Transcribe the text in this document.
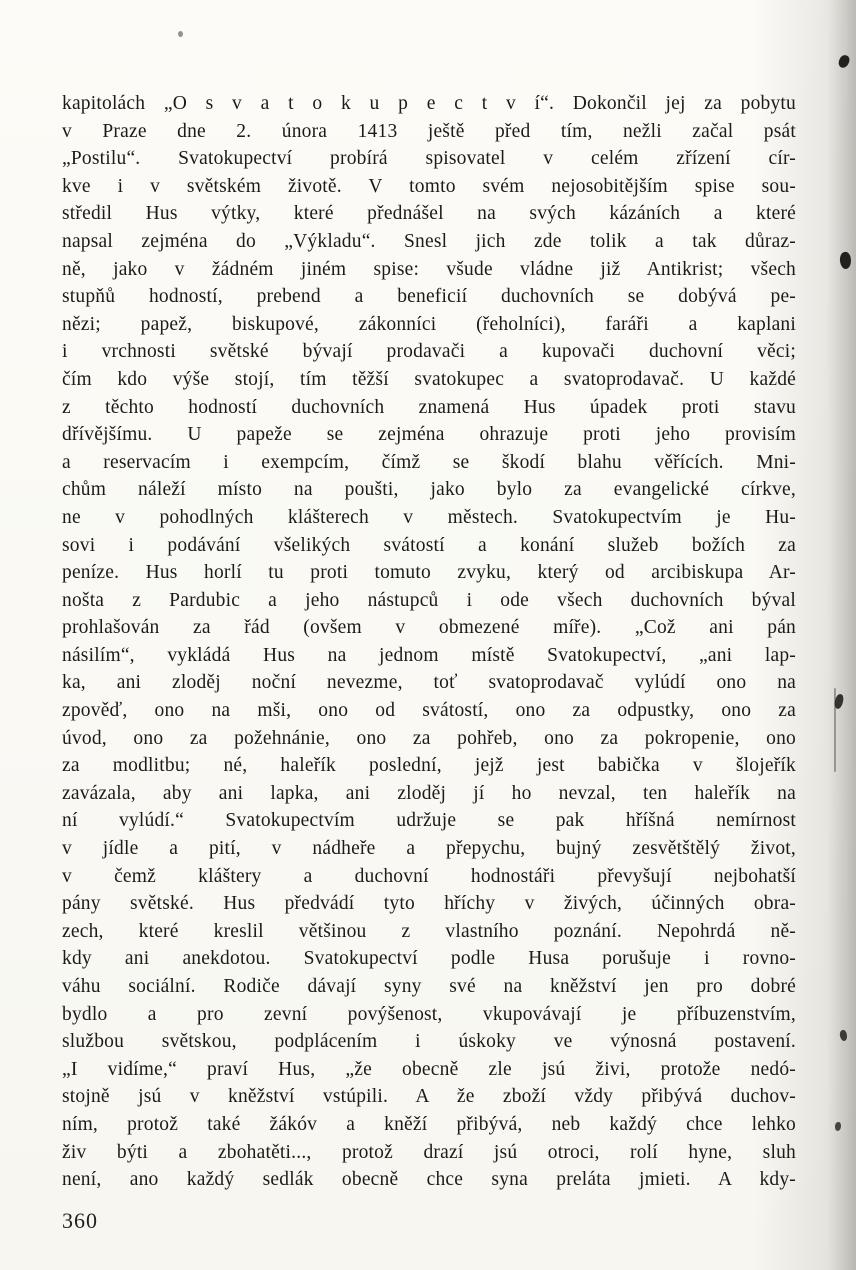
kapitolách „O s v a t o k u p e c t v í“. Dokončil jej za pobytu
v Praze dne 2. února 1413 ještě před tím, nežli začal psát
„Postilu“. Svatokupectví probírá spisovatel v celém zřízení cír-
kve i v světském životě. V tomto svém nejosobitějším spise sou-
středil Hus výtky, které přednášel na svých kázáních a které
napsal zejména do „Výkladu“. Snesl jich zde tolik a tak důraz-
ně, jako v žádném jiném spise: všude vládne již Antikrist; všech
stupňů hodností, prebend a beneficií duchovních se dobývá pe-
nězi; papež, biskupové, zákonníci (řeholníci), faráři a kaplani
i vrchnosti světské bývají prodavači a kupovači duchovní věci;
čím kdo výše stojí, tím těžší svatokupec a svatoprodavač. U každé
z těchto hodností duchovních znamená Hus úpadek proti stavu
dřívějšímu. U papeže se zejména ohrazuje proti jeho provisím
a reservacím i exempcím, čímž se škodí blahu věřících. Mni-
chům náleží místo na poušti, jako bylo za evangelické církve,
ne v pohodlných klášterech v městech. Svatokupectvím je Hu-
sovi i podávání všelikých svátostí a konání služeb božích za
peníze. Hus horlí tu proti tomuto zvyku, který od arcibiskupa Ar-
nošta z Pardubic a jeho nástupců i ode všech duchovních býval
prohlašován za řád (ovšem v obmezené míře). „Což ani pán
násilím“, vykládá Hus na jednom místě Svatokupectví, „ani lap-
ka, ani zloděj noční nevezme, toť svatoprodavač vylúdí ono na
zpověď, ono na mši, ono od svátostí, ono za odpustky, ono za
úvod, ono za požehnánie, ono za pohřeb, ono za pokropenie, ono
za modlitbu; né, haleřík poslední, jejž jest babička v šlojeřík
zavázala, aby ani lapka, ani zloděj jí ho nevzal, ten haleřík na
ní vylúdí.“ Svatokupectvím udržuje se pak hříšná nemírnost
v jídle a pití, v nádheře a přepychu, bujný zesvětštělý život,
v čemž kláštery a duchovní hodnostáři převyšují nejbohatší
pány světské. Hus předvádí tyto hříchy v živých, účinných obra-
zech, které kreslil většinou z vlastního poznání. Nepohrdá ně-
kdy ani anekdotou. Svatokupectví podle Husa porušuje i rovno-
váhu sociální. Rodiče dávají syny své na kněžství jen pro dobré
bydlo a pro zevní povýšenost, vkupovávají je příbuzenstvím,
službou světskou, podplácením i úskoky ve výnosná postavení.
„I vidíme,“ praví Hus, „že obecně zle jsú živi, protože nedó-
stojně jsú v kněžství vstúpili. A že zboží vždy přibývá duchov-
ním, protož také žákóv a kněží přibývá, neb každý chce lehko
živ býti a zbohatěti..., protož drazí jsú otroci, rolí hyne, sluh
není, ano každý sedlák obecně chce syna preláta jmieti. A kdy-
360
